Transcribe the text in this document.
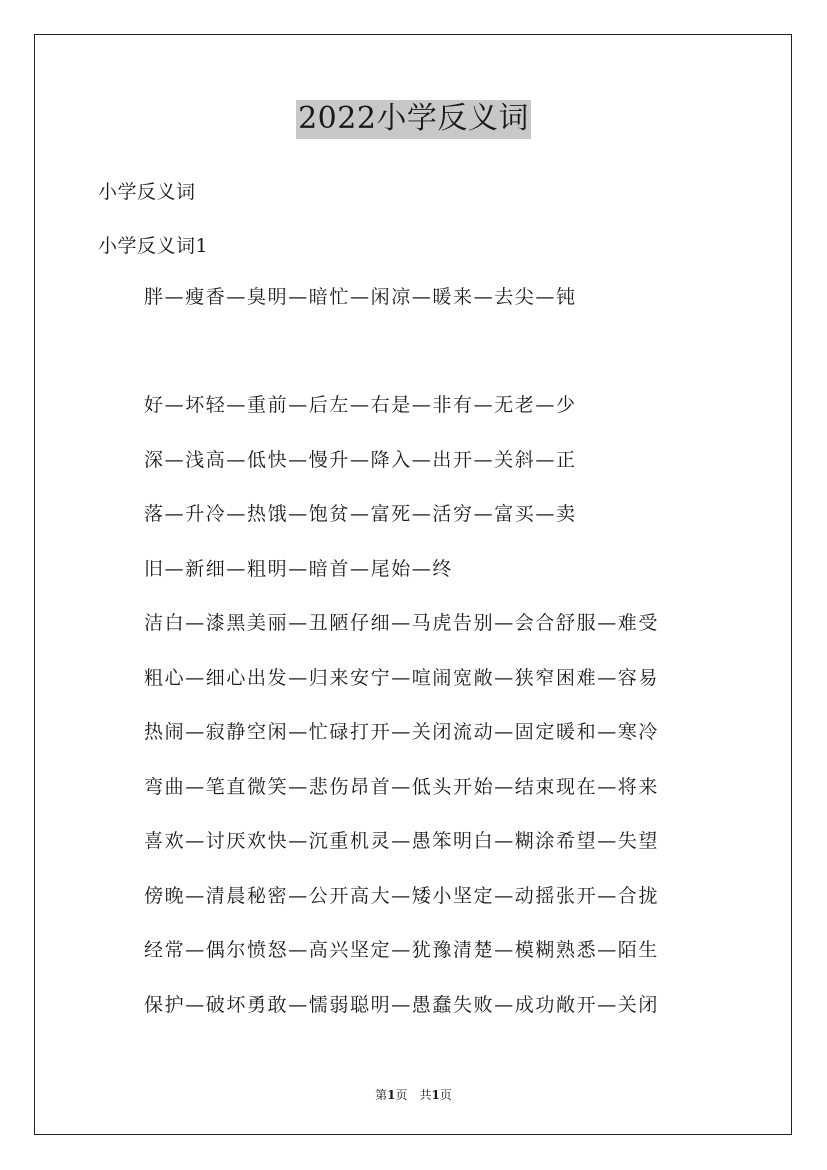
2022小学反义词
小学反义词
小学反义词1
胖—瘦香—臭明—暗忙—闲凉—暖来—去尖—钝
好—坏轻—重前—后左—右是—非有—无老—少
深—浅高—低快—慢升—降入—出开—关斜—正
落—升冷—热饿—饱贫—富死—活穷—富买—卖
旧—新细—粗明—暗首—尾始—终
洁白—漆黑美丽—丑陋仔细—马虎告别—会合舒服—难受
粗心—细心出发—归来安宁—喧闹宽敞—狭窄困难—容易
热闹—寂静空闲—忙碌打开—关闭流动—固定暖和—寒冷
弯曲—笔直微笑—悲伤昂首—低头开始—结束现在—将来
喜欢—讨厌欢快—沉重机灵—愚笨明白—糊涂希望—失望
傍晚—清晨秘密—公开高大—矮小坚定—动摇张开—合拢
经常—偶尔愤怒—高兴坚定—犹豫清楚—模糊熟悉—陌生
保护—破坏勇敢—懦弱聪明—愚蠢失败—成功敞开—关闭
第1页 共1页
